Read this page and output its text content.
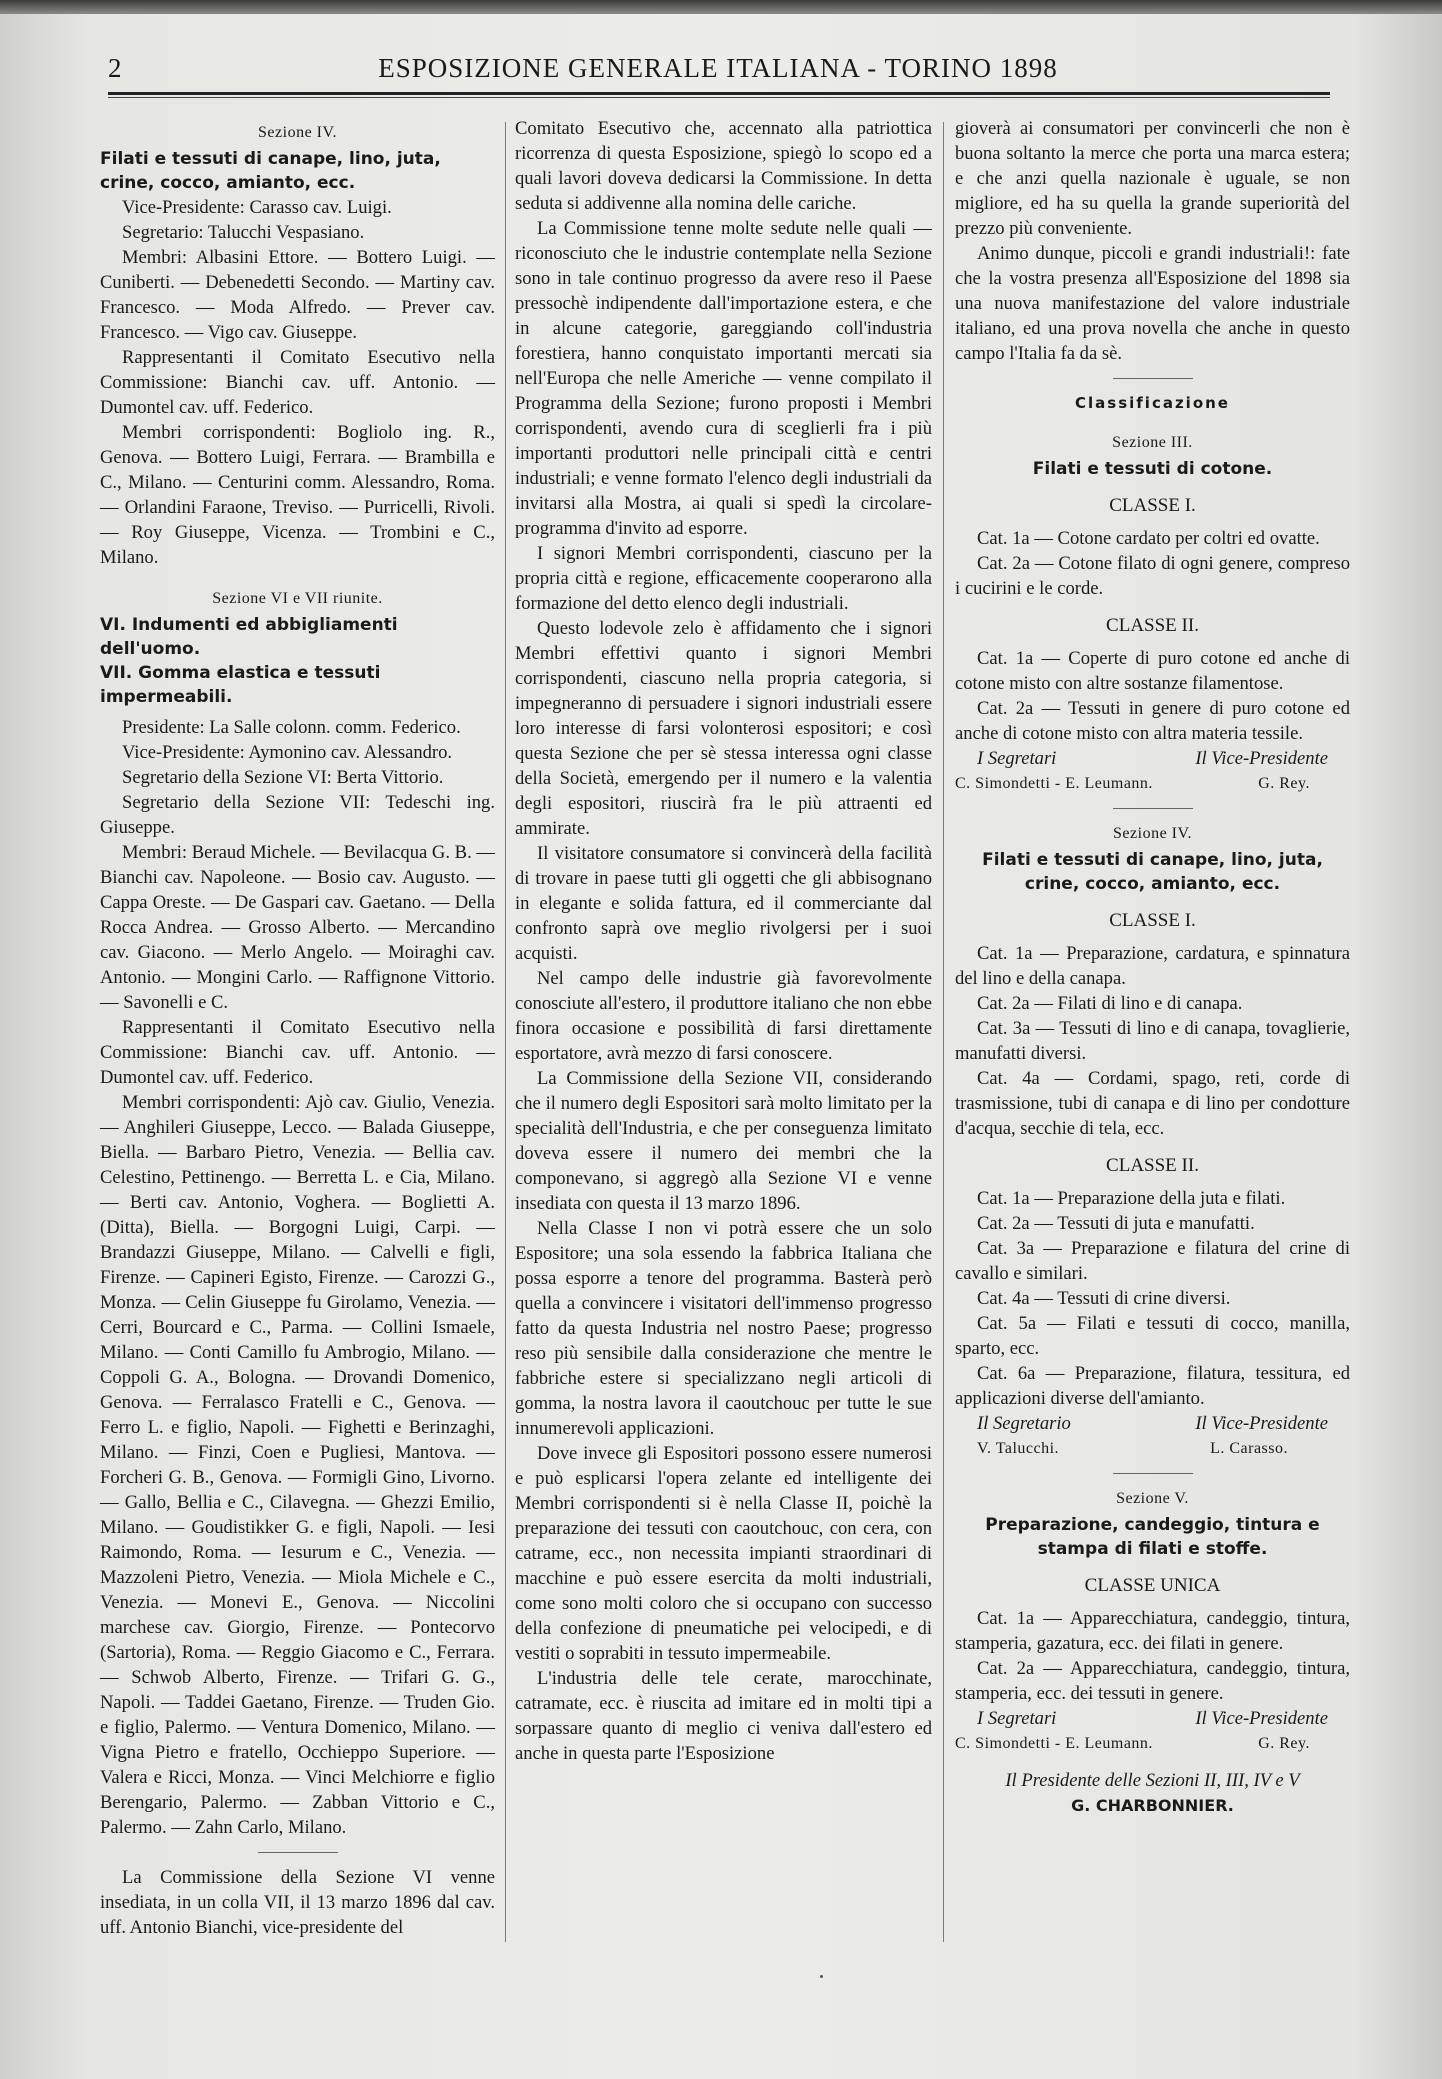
2	ESPOSIZIONE GENERALE ITALIANA - TORINO 1898

Sezione IV.

Filati e tessuti di canape, lino, juta, crine, cocco, amianto, ecc.

Vice-Presidente: Carasso cav. Luigi.

Segretario: Talucchi Vespasiano.

Membri: Albasini Ettore. — Bottero Luigi. — Cuniberti. — Debenedetti Secondo. — Martiny cav. Francesco. — Moda Alfredo. — Prever cav. Francesco. — Vigo cav. Giuseppe.

Rappresentanti il Comitato Esecutivo nella Commissione: Bianchi cav. uff. Antonio. — Dumontel cav. uff. Federico.

Membri corrispondenti: Bogliolo ing. R., Genova. — Bottero Luigi, Ferrara. — Brambilla e C., Milano. — Centurini comm. Alessandro, Roma. — Orlandini Faraone, Treviso. — Purricelli, Rivoli. — Roy Giuseppe, Vicenza. — Trombini e C., Milano.

Sezione VI e VII riunite.

VI. Indumenti ed abbigliamenti dell'uomo.

VII. Gomma elastica e tessuti impermeabili.

Presidente: La Salle colonn. comm. Federico.

Vice-Presidente: Aymonino cav. Alessandro.

Segretario della Sezione VI: Berta Vittorio.

Segretario della Sezione VII: Tedeschi ing. Giuseppe.

Membri: Beraud Michele. — Bevilacqua G. B. — Bianchi cav. Napoleone. — Bosio cav. Augusto. — Cappa Oreste. — De Gaspari cav. Gaetano. — Della Rocca Andrea. — Grosso Alberto. — Mercandino cav. Giacono. — Merlo Angelo. — Moiraghi cav. Antonio. — Mongini Carlo. — Raffignone Vittorio. — Savonelli e C.

Rappresentanti il Comitato Esecutivo nella Commissione: Bianchi cav. uff. Antonio. — Dumontel cav. uff. Federico.

Membri corrispondenti: Ajò cav. Giulio, Venezia. — Anghileri Giuseppe, Lecco. — Balada Giuseppe, Biella. — Barbaro Pietro, Venezia. — Bellia cav. Celestino, Pettinengo. — Berretta L. e Cia, Milano. — Berti cav. Antonio, Voghera. — Boglietti A. (Ditta), Biella. — Borgogni Luigi, Carpi. — Brandazzi Giuseppe, Milano. — Calvelli e figli, Firenze. — Capineri Egisto, Firenze. — Carozzi G., Monza. — Celin Giuseppe fu Girolamo, Venezia. — Cerri, Bourcard e C., Parma. — Collini Ismaele, Milano. — Conti Camillo fu Ambrogio, Milano. — Coppoli G. A., Bologna. — Drovandi Domenico, Genova. — Ferralasco Fratelli e C., Genova. — Ferro L. e figlio, Napoli. — Fighetti e Berinzaghi, Milano. — Finzi, Coen e Pugliesi, Mantova. — Forcheri G. B., Genova. — Formigli Gino, Livorno. — Gallo, Bellia e C., Cilavegna. — Ghezzi Emilio, Milano. — Goudistikker G. e figli, Napoli. — Iesi Raimondo, Roma. — Iesurum e C., Venezia. — Mazzoleni Pietro, Venezia. — Miola Michele e C., Venezia. — Monevi E., Genova. — Niccolini marchese cav. Giorgio, Firenze. — Pontecorvo (Sartoria), Roma. — Reggio Giacomo e C., Ferrara. — Schwob Alberto, Firenze. — Trifari G. G., Napoli. — Taddei Gaetano, Firenze. — Truden Gio. e figlio, Palermo. — Ventura Domenico, Milano. — Vigna Pietro e fratello, Occhieppo Superiore. — Valera e Ricci, Monza. — Vinci Melchiorre e figlio Berengario, Palermo. — Zabban Vittorio e C., Palermo. — Zahn Carlo, Milano.

La Commissione della Sezione VI venne insediata, in un colla VII, il 13 marzo 1896 dal cav. uff. Antonio Bianchi, vice-presidente del

Comitato Esecutivo che, accennato alla patriottica ricorrenza di questa Esposizione, spiegò lo scopo ed a quali lavori doveva dedicarsi la Commissione. In detta seduta si addivenne alla nomina delle cariche.

La Commissione tenne molte sedute nelle quali — riconosciuto che le industrie contemplate nella Sezione sono in tale continuo progresso da avere reso il Paese pressochè indipendente dall'importazione estera, e che in alcune categorie, gareggiando coll'industria forestiera, hanno conquistato importanti mercati sia nell'Europa che nelle Americhe — venne compilato il Programma della Sezione; furono proposti i Membri corrispondenti, avendo cura di sceglierli fra i più importanti produttori nelle principali città e centri industriali; e venne formato l'elenco degli industriali da invitarsi alla Mostra, ai quali si spedì la circolare-programma d'invito ad esporre.

I signori Membri corrispondenti, ciascuno per la propria città e regione, efficacemente cooperarono alla formazione del detto elenco degli industriali.

Questo lodevole zelo è affidamento che i signori Membri effettivi quanto i signori Membri corrispondenti, ciascuno nella propria categoria, si impegneranno di persuadere i signori industriali essere loro interesse di farsi volonterosi espositori; e così questa Sezione che per sè stessa interessa ogni classe della Società, emergendo per il numero e la valentia degli espositori, riuscirà fra le più attraenti ed ammirate.

Il visitatore consumatore si convincerà della facilità di trovare in paese tutti gli oggetti che gli abbisognano in elegante e solida fattura, ed il commerciante dal confronto saprà ove meglio rivolgersi per i suoi acquisti.

Nel campo delle industrie già favorevolmente conosciute all'estero, il produttore italiano che non ebbe finora occasione e possibilità di farsi direttamente esportatore, avrà mezzo di farsi conoscere.

La Commissione della Sezione VII, considerando che il numero degli Espositori sarà molto limitato per la specialità dell'Industria, e che per conseguenza limitato doveva essere il numero dei membri che la componevano, si aggregò alla Sezione VI e venne insediata con questa il 13 marzo 1896.

Nella Classe I non vi potrà essere che un solo Espositore; una sola essendo la fabbrica Italiana che possa esporre a tenore del programma. Basterà però quella a convincere i visitatori dell'immenso progresso fatto da questa Industria nel nostro Paese; progresso reso più sensibile dalla considerazione che mentre le fabbriche estere si specializzano negli articoli di gomma, la nostra lavora il caoutchouc per tutte le sue innumerevoli applicazioni.

Dove invece gli Espositori possono essere numerosi e può esplicarsi l'opera zelante ed intelligente dei Membri corrispondenti si è nella Classe II, poichè la preparazione dei tessuti con caoutchouc, con cera, con catrame, ecc., non necessita impianti straordinari di macchine e può essere esercita da molti industriali, come sono molti coloro che si occupano con successo della confezione di pneumatiche pei velocipedi, e di vestiti o soprabiti in tessuto impermeabile.

L'industria delle tele cerate, marocchinate, catramate, ecc. è riuscita ad imitare ed in molti tipi a sorpassare quanto di meglio ci veniva dall'estero ed anche in questa parte l'Esposizione

gioverà ai consumatori per convincerli che non è buona soltanto la merce che porta una marca estera; e che anzi quella nazionale è uguale, se non migliore, ed ha su quella la grande superiorità del prezzo più conveniente.

Animo dunque, piccoli e grandi industriali!: fate che la vostra presenza all'Esposizione del 1898 sia una nuova manifestazione del valore industriale italiano, ed una prova novella che anche in questo campo l'Italia fa da sè.

Classificazione

Sezione III.

Filati e tessuti di cotone.

CLASSE I.

Cat. 1a — Cotone cardato per coltri ed ovatte.

Cat. 2a — Cotone filato di ogni genere, compreso i cucirini e le corde.

CLASSE II.

Cat. 1a — Coperte di puro cotone ed anche di cotone misto con altre sostanze filamentose.

Cat. 2a — Tessuti in genere di puro cotone ed anche di cotone misto con altra materia tessile.

I Segretari	Il Vice-Presidente
C. Simondetti - E. Leumann.	G. Rey.

Sezione IV.

Filati e tessuti di canape, lino, juta, crine, cocco, amianto, ecc.

CLASSE I.

Cat. 1a — Preparazione, cardatura, e spinnatura del lino e della canapa.

Cat. 2a — Filati di lino e di canapa.

Cat. 3a — Tessuti di lino e di canapa, tovaglierie, manufatti diversi.

Cat. 4a — Cordami, spago, reti, corde di trasmissione, tubi di canapa e di lino per condotture d'acqua, secchie di tela, ecc.

CLASSE II.

Cat. 1a — Preparazione della juta e filati.

Cat. 2a — Tessuti di juta e manufatti.

Cat. 3a — Preparazione e filatura del crine di cavallo e similari.

Cat. 4a — Tessuti di crine diversi.

Cat. 5a — Filati e tessuti di cocco, manilla, sparto, ecc.

Cat. 6a — Preparazione, filatura, tessitura, ed applicazioni diverse dell'amianto.

Il Segretario	Il Vice-Presidente
V. Talucchi.	L. Carasso.

Sezione V.

Preparazione, candeggio, tintura e stampa di filati e stoffe.

CLASSE UNICA

Cat. 1a — Apparecchiatura, candeggio, tintura, stamperia, gazatura, ecc. dei filati in genere.

Cat. 2a — Apparecchiatura, candeggio, tintura, stamperia, ecc. dei tessuti in genere.

I Segretari	Il Vice-Presidente
C. Simondetti - E. Leumann.	G. Rey.

Il Presidente delle Sezioni II, III, IV e V

G. CHARBONNIER.
